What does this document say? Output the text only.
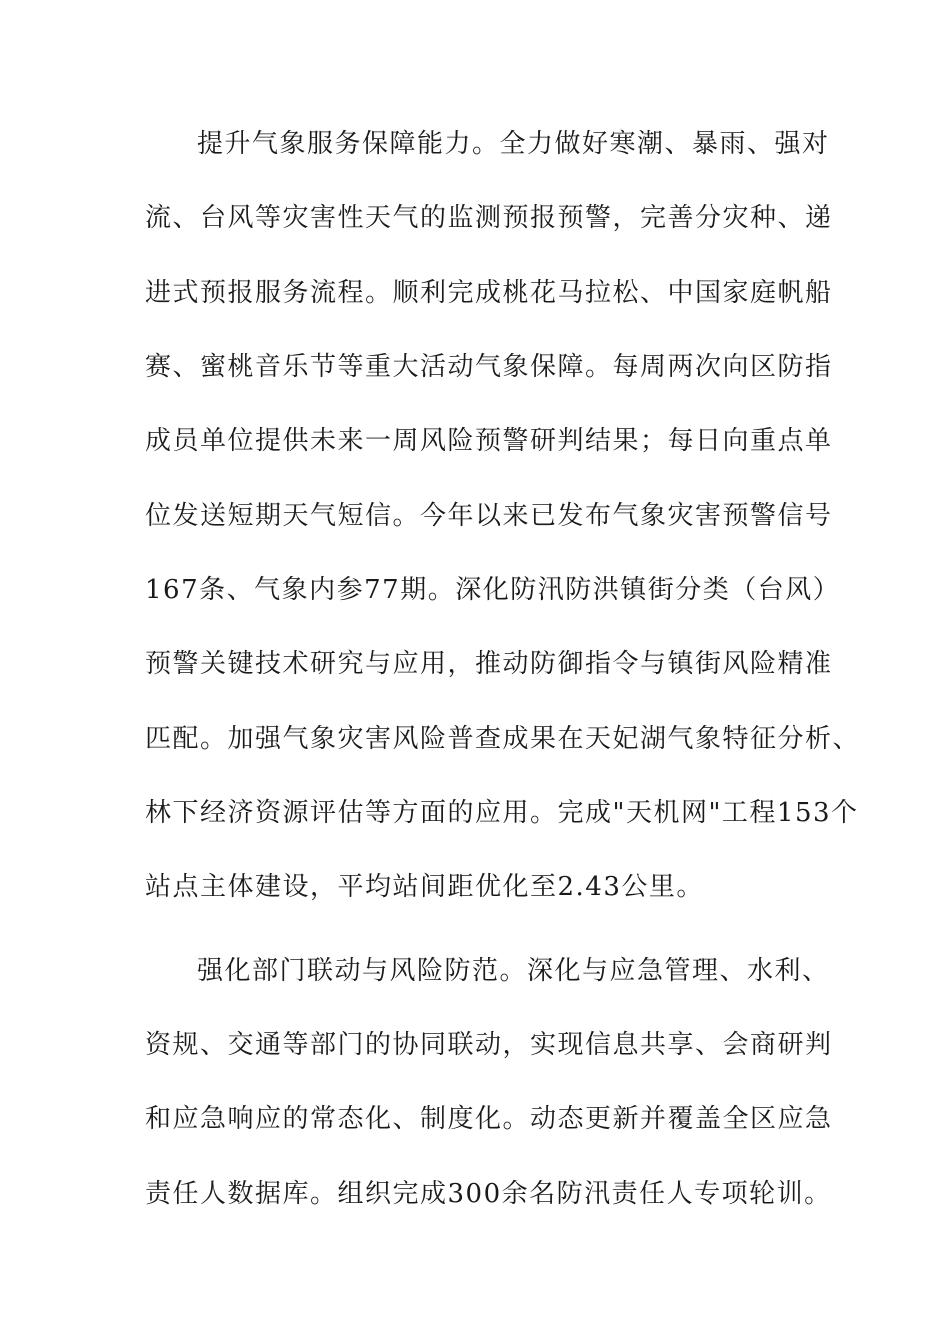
提升气象服务保障能力。全力做好寒潮、暴雨、强对
流、台风等灾害性天气的监测预报预警，完善分灾种、递
进式预报服务流程。顺利完成桃花马拉松、中国家庭帆船
赛、蜜桃音乐节等重大活动气象保障。每周两次向区防指
成员单位提供未来一周风险预警研判结果；每日向重点单
位发送短期天气短信。今年以来已发布气象灾害预警信号
167条、气象内参77期。深化防汛防洪镇街分类（台风）
预警关键技术研究与应用，推动防御指令与镇街风险精准
匹配。加强气象灾害风险普查成果在天妃湖气象特征分析、
林下经济资源评估等方面的应用。完成"天机网"工程153个
站点主体建设，平均站间距优化至2.43公里。
强化部门联动与风险防范。深化与应急管理、水利、
资规、交通等部门的协同联动，实现信息共享、会商研判
和应急响应的常态化、制度化。动态更新并覆盖全区应急
责任人数据库。组织完成300余名防汛责任人专项轮训。
